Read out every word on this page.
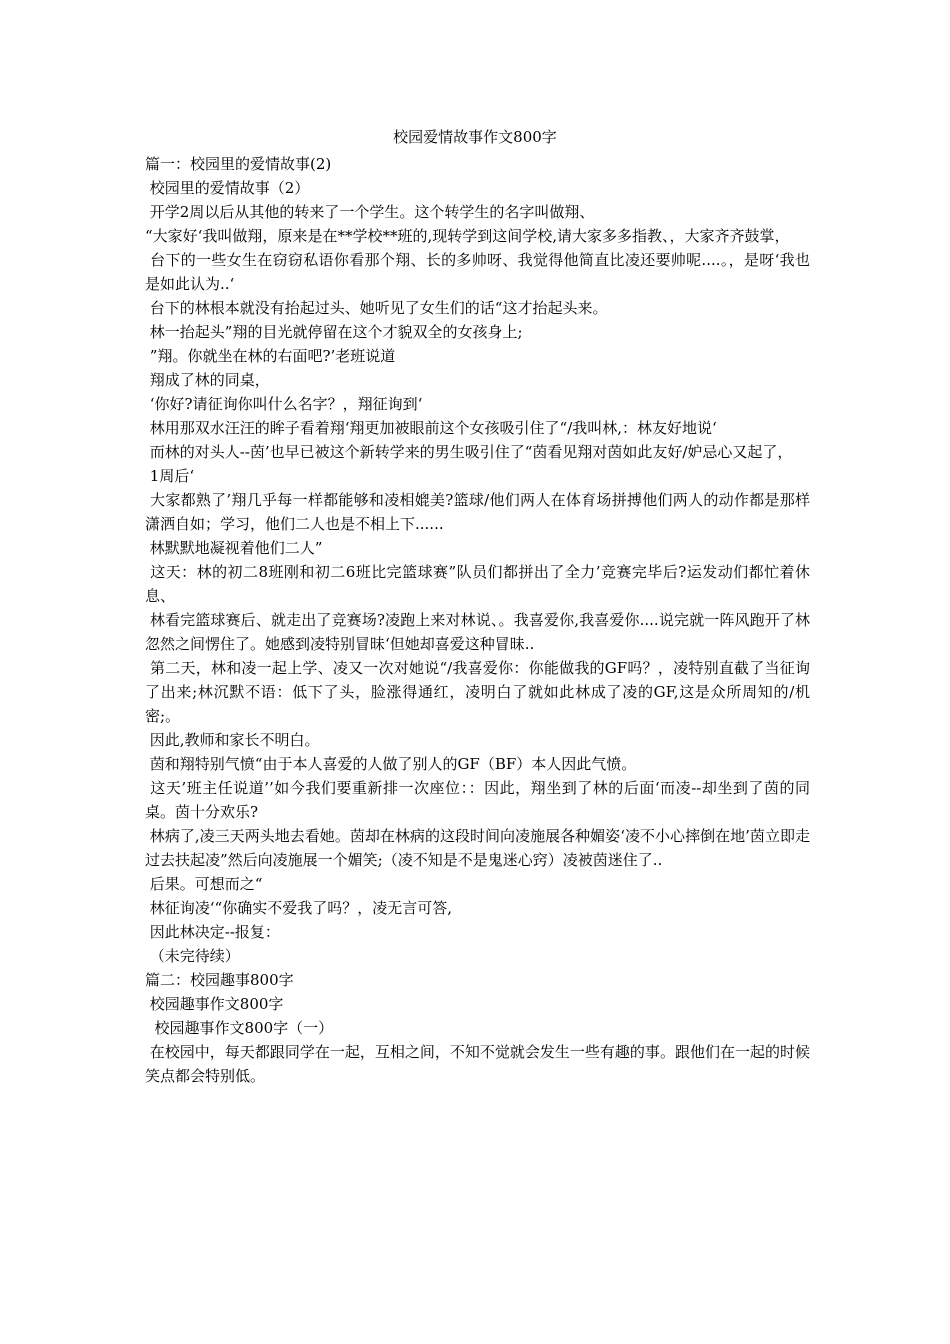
校园爱情故事作文800字

篇一：校园里的爱情故事(2)

校园里的爱情故事（2）

开学2周以后从其他的转来了一个学生。这个转学生的名字叫做翔、

“大家好‘我叫做翔，原来是在**学校**班的,现转学到这间学校,请大家多多指教、，大家齐齐鼓掌，

台下的一些女生在窃窃私语你看那个翔、长的多帅呀、我觉得他简直比凌还要帅呢....。，是呀‘我也是如此认为..‘

台下的林根本就没有抬起过头、她听见了女生们的话“这才抬起头来。

林一抬起头”翔的目光就停留在这个才貌双全的女孩身上;

”翔。你就坐在林的右面吧?’老班说道

翔成了林的同桌，

‘你好?请征询你叫什么名字？，翔征询到‘

林用那双水汪汪的眸子看着翔‘翔更加被眼前这个女孩吸引住了“/我叫林,：林友好地说‘

而林的对头人--茵’也早已被这个新转学来的男生吸引住了“茵看见翔对茵如此友好/妒忌心又起了，

1周后‘

大家都熟了’翔几乎每一样都能够和凌相媲美?篮球/他们两人在体育场拼搏他们两人的动作都是那样潇洒自如；学习，他们二人也是不相上下......

林默默地凝视着他们二人”

这天：林的初二8班刚和初二6班比完篮球赛”队员们都拼出了全力’竞赛完毕后?运发动们都忙着休息、

林看完篮球赛后、就走出了竞赛场?凌跑上来对林说、。我喜爱你,我喜爱你....说完就一阵风跑开了林忽然之间愣住了。她感到凌特别冒昧‘但她却喜爱这种冒昧..

第二天，林和凌一起上学、凌又一次对她说“/我喜爱你：你能做我的GF吗？，凌特别直截了当征询了出来;林沉默不语：低下了头，脸涨得通红，凌明白了就如此林成了凌的GF,这是众所周知的/机密;。

因此,教师和家长不明白。

茵和翔特别气愤“由于本人喜爱的人做了别人的GF（BF）本人因此气愤。

这天’班主任说道’’如今我们要重新排一次座位：：因此，翔坐到了林的后面‘而凌--却坐到了茵的同桌。茵十分欢乐?

林病了,凌三天两头地去看她。茵却在林病的这段时间向凌施展各种媚姿‘凌不小心摔倒在地’茵立即走过去扶起凌”然后向凌施展一个媚笑;（凌不知是不是鬼迷心窍）凌被茵迷住了..

后果。可想而之“

林征询凌‘“你确实不爱我了吗？，凌无言可答,

因此林决定--报复：

（未完待续）

篇二：校园趣事800字

校园趣事作文800字

校园趣事作文800字（一）

在校园中，每天都跟同学在一起，互相之间，不知不觉就会发生一些有趣的事。跟他们在一起的时候笑点都会特别低。
